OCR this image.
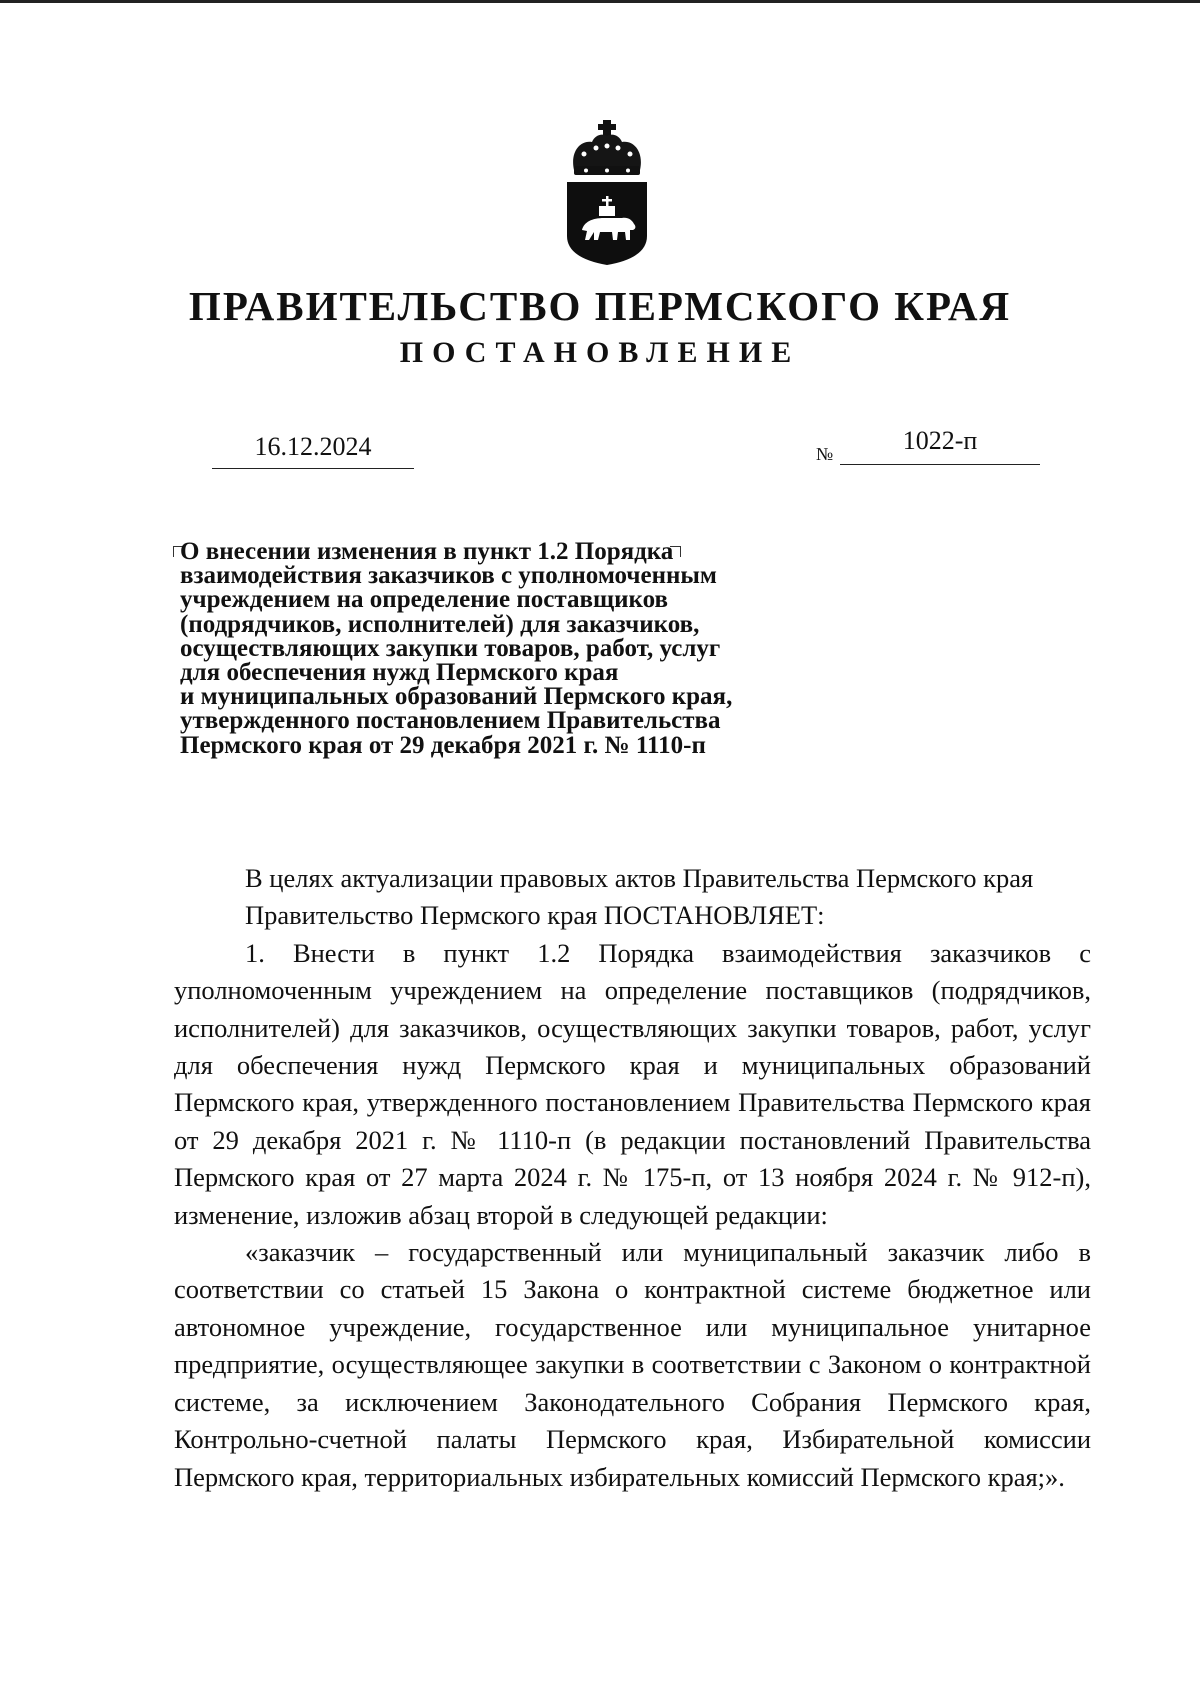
ПРАВИТЕЛЬСТВО ПЕРМСКОГО КРАЯ
ПОСТАНОВЛЕНИЕ
16.12.2024	№	1022-п
О внесении изменения в пункт 1.2 Порядка
взаимодействия заказчиков с уполномоченным
учреждением на определение поставщиков
(подрядчиков, исполнителей) для заказчиков,
осуществляющих закупки товаров, работ, услуг
для обеспечения нужд Пермского края
и муниципальных образований Пермского края,
утвержденного постановлением Правительства
Пермского края от 29 декабря 2021 г. № 1110-п

В целях актуализации правовых актов Правительства Пермского края

Правительство Пермского края ПОСТАНОВЛЯЕТ:

1. Внести в пункт 1.2 Порядка взаимодействия заказчиков с уполномоченным учреждением на определение поставщиков (подрядчиков, исполнителей) для заказчиков, осуществляющих закупки товаров, работ, услуг для обеспечения нужд Пермского края и муниципальных образований Пермского края, утвержденного постановлением Правительства Пермского края от 29 декабря 2021 г. № 1110-п (в редакции постановлений Правительства Пермского края от 27 марта 2024 г. № 175-п, от 13 ноября 2024 г. № 912-п), изменение, изложив абзац второй в следующей редакции:

«заказчик – государственный или муниципальный заказчик либо в соответствии со статьей 15 Закона о контрактной системе бюджетное или автономное учреждение, государственное или муниципальное унитарное предприятие, осуществляющее закупки в соответствии с Законом о контрактной системе, за исключением Законодательного Собрания Пермского края, Контрольно-счетной палаты Пермского края, Избирательной комиссии Пермского края, территориальных избирательных комиссий Пермского края;».
